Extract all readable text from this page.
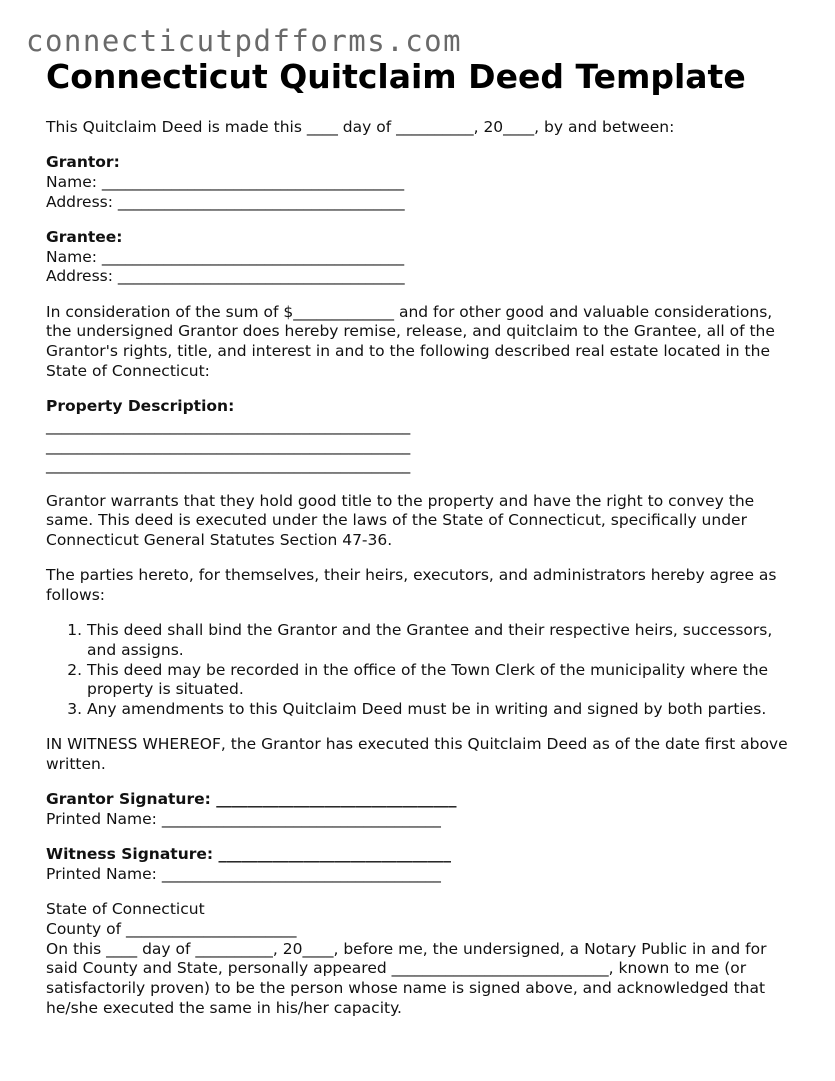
connecticutpdfforms.com
Connecticut Quitclaim Deed Template

This Quitclaim Deed is made this ____ day of __________, 20____, by and between:

Grantor:
Name: _______________________________________
Address: _____________________________________
Grantee:
Name: _______________________________________
Address: _____________________________________

In consideration of the sum of $_____________ and for other good and valuable considerations, the undersigned Grantor does hereby remise, release, and quitclaim to the Grantee, all of the Grantor's rights, title, and interest in and to the following described real estate located in the State of Connecticut:

Property Description:
_______________________________________________
_______________________________________________
_______________________________________________

Grantor warrants that they hold good title to the property and have the right to convey the same. This deed is executed under the laws of the State of Connecticut, specifically under Connecticut General Statutes Section 47-36.

The parties hereto, for themselves, their heirs, executors, and administrators hereby agree as follows:

1. This deed shall bind the Grantor and the Grantee and their respective heirs, successors, and assigns.
2. This deed may be recorded in the office of the Town Clerk of the municipality where the property is situated.
3. Any amendments to this Quitclaim Deed must be in writing and signed by both parties.

IN WITNESS WHEREOF, the Grantor has executed this Quitclaim Deed as of the date first above written.

Grantor Signature: _______________________________
Printed Name: ____________________________________
Witness Signature: ______________________________
Printed Name: ____________________________________
State of Connecticut
County of ______________________
On this ____ day of __________, 20____, before me, the undersigned, a Notary Public in and for said County and State, personally appeared ____________________________, known to me (or satisfactorily proven) to be the person whose name is signed above, and acknowledged that he/she executed the same in his/her capacity.
